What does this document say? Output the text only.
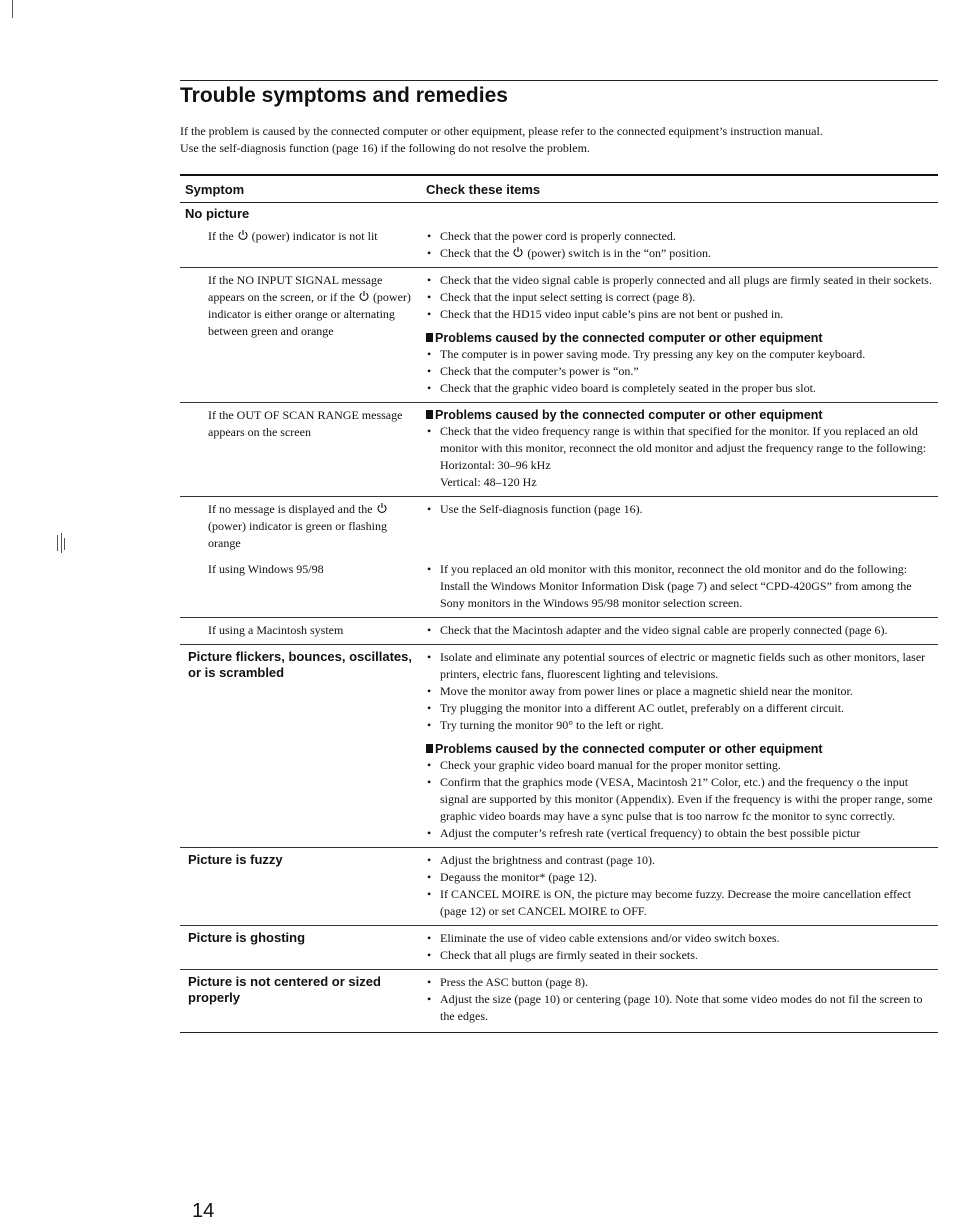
Trouble symptoms and remedies

If the problem is caused by the connected computer or other equipment, please refer to the connected equipment’s instruction manual.

Use the self-diagnosis function (page 16) if the following do not resolve the problem.

Symptom	Check these items
No picture
If the (power) indicator is not lit	• Check that the power cord is properly connected.
• Check that the (power) switch is in the “on” position.
If the NO INPUT SIGNAL message appears on the screen, or if the (power) indicator is either orange or alternating between green and orange
• Check that the video signal cable is properly connected and all plugs are firmly seated in their sockets.
• Check that the input select setting is correct (page 8).
• Check that the HD15 video input cable’s pins are not bent or pushed in.
Problems caused by the connected computer or other equipment
• The computer is in power saving mode. Try pressing any key on the computer keyboard.
• Check that the computer’s power is “on.”
• Check that the graphic video board is completely seated in the proper bus slot.
If the OUT OF SCAN RANGE message appears on the screen
Problems caused by the connected computer or other equipment
• Check that the video frequency range is within that specified for the monitor. If you replaced an old monitor with this monitor, reconnect the old monitor and adjust the frequency range to the following:
Horizontal: 30–96 kHz
Vertical: 48–120 Hz
If no message is displayed and the  (power) indicator is green or flashing orange
• Use the Self-diagnosis function (page 16).
If using Windows 95/98	• If you replaced an old monitor with this monitor, reconnect the old monitor and do the following: Install the Windows Monitor Information Disk (page 7) and select “CPD-420GS” from among the Sony monitors in the Windows 95/98 monitor selection screen.
If using a Macintosh system	• Check that the Macintosh adapter and the video signal cable are properly connected (page 6).
Picture flickers, bounces, oscillates, or is scrambled
• Isolate and eliminate any potential sources of electric or magnetic fields such as other monitors, laser printers, electric fans, fluorescent lighting and televisions.
• Move the monitor away from power lines or place a magnetic shield near the monitor.
• Try plugging the monitor into a different AC outlet, preferably on a different circuit.
• Try turning the monitor 90° to the left or right.
Problems caused by the connected computer or other equipment
• Check your graphic video board manual for the proper monitor setting.
• Confirm that the graphics mode (VESA, Macintosh 21” Color, etc.) and the frequency o the input signal are supported by this monitor (Appendix). Even if the frequency is withi the proper range, some graphic video boards may have a sync pulse that is too narrow fc the monitor to sync correctly.
• Adjust the computer’s refresh rate (vertical frequency) to obtain the best possible pictur
Picture is fuzzy	• Adjust the brightness and contrast (page 10).
• Degauss the monitor* (page 12).
• If CANCEL MOIRE is ON, the picture may become fuzzy. Decrease the moire cancellation effect (page 12) or set CANCEL MOIRE to OFF.
Picture is ghosting	• Eliminate the use of video cable extensions and/or video switch boxes.
• Check that all plugs are firmly seated in their sockets.
Picture is not centered or sized properly
• Press the ASC button (page 8).
• Adjust the size (page 10) or centering (page 10). Note that some video modes do not fil the screen to the edges.
14
